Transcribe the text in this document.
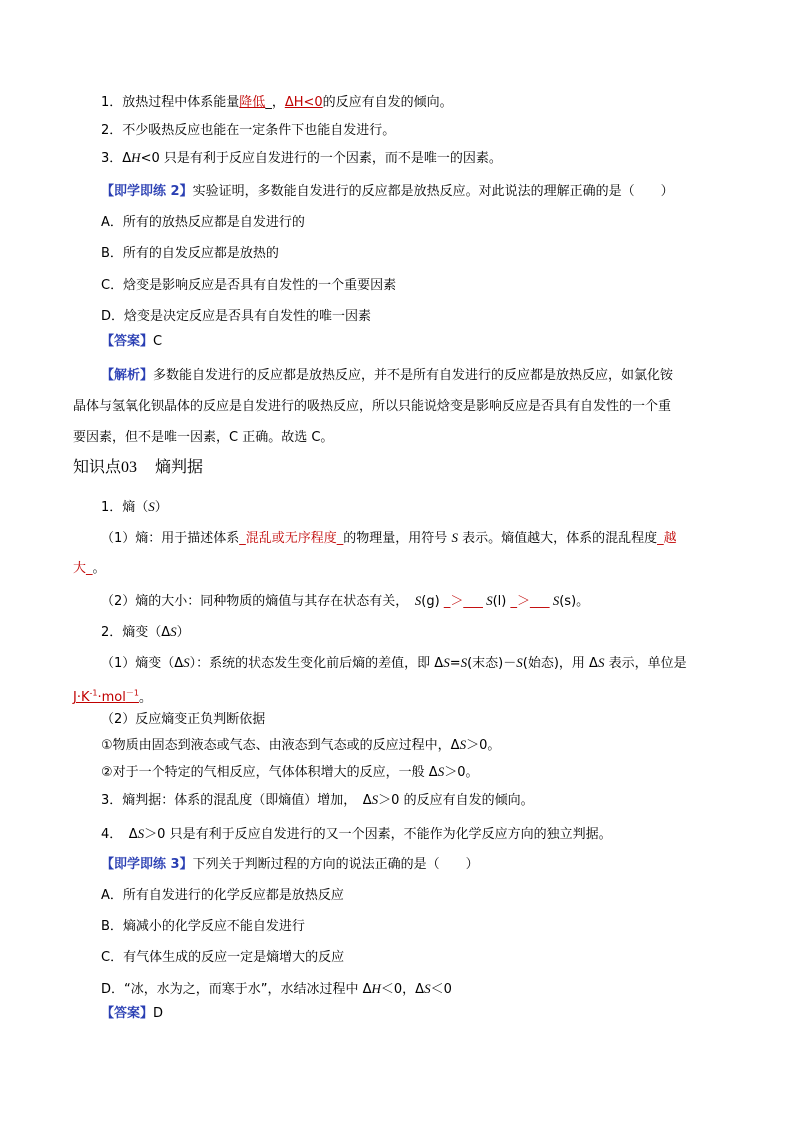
1．放热过程中体系能量降低_，ΔH<0的反应有自发的倾向。
2．不少吸热反应也能在一定条件下也能自发进行。
3．ΔH<0 只是有利于反应自发进行的一个因素，而不是唯一的因素。
【即学即练 2】实验证明，多数能自发进行的反应都是放热反应。对此说法的理解正确的是（　　）
A．所有的放热反应都是自发进行的
B．所有的自发反应都是放热的
C．焓变是影响反应是否具有自发性的一个重要因素
D．焓变是决定反应是否具有自发性的唯一因素
【答案】C
【解析】多数能自发进行的反应都是放热反应，并不是所有自发进行的反应都是放热反应，如氯化铵
晶体与氢氧化钡晶体的反应是自发进行的吸热反应，所以只能说焓变是影响反应是否具有自发性的一个重
要因素，但不是唯一因素，C 正确。故选 C。
知识点03 熵判据
1．熵（S）
（1）熵：用于描述体系_混乱或无序程度_的物理量，用符号 S 表示。熵值越大，体系的混乱程度_越
大_。
（2）熵的大小：同种物质的熵值与其存在状态有关，　S(g) _＞___ S(l) _＞___ S(s)。
2．熵变（ΔS）
（1）熵变（ΔS）：系统的状态发生变化前后熵的差值，即 ΔS=S(末态)－S(始态)，用 ΔS 表示，单位是
$J\cdot K^{-1}\cdot mol^{-1}$。
（2）反应熵变正负判断依据
①物质由固态到液态或气态、由液态到气态或的反应过程中，ΔS＞0。
②对于一个特定的气相反应，气体体积增大的反应，一般 ΔS＞0。
3．熵判据：体系的混乱度（即熵值）增加，　ΔS＞0 的反应有自发的倾向。
4．　ΔS＞0 只是有利于反应自发进行的又一个因素，不能作为化学反应方向的独立判据。
【即学即练 3】下列关于判断过程的方向的说法正确的是（　　）
A．所有自发进行的化学反应都是放热反应
B．熵减小的化学反应不能自发进行
C．有气体生成的反应一定是熵增大的反应
D．“冰，水为之，而寒于水”，水结冰过程中 ΔH＜0，ΔS＜0
【答案】D
